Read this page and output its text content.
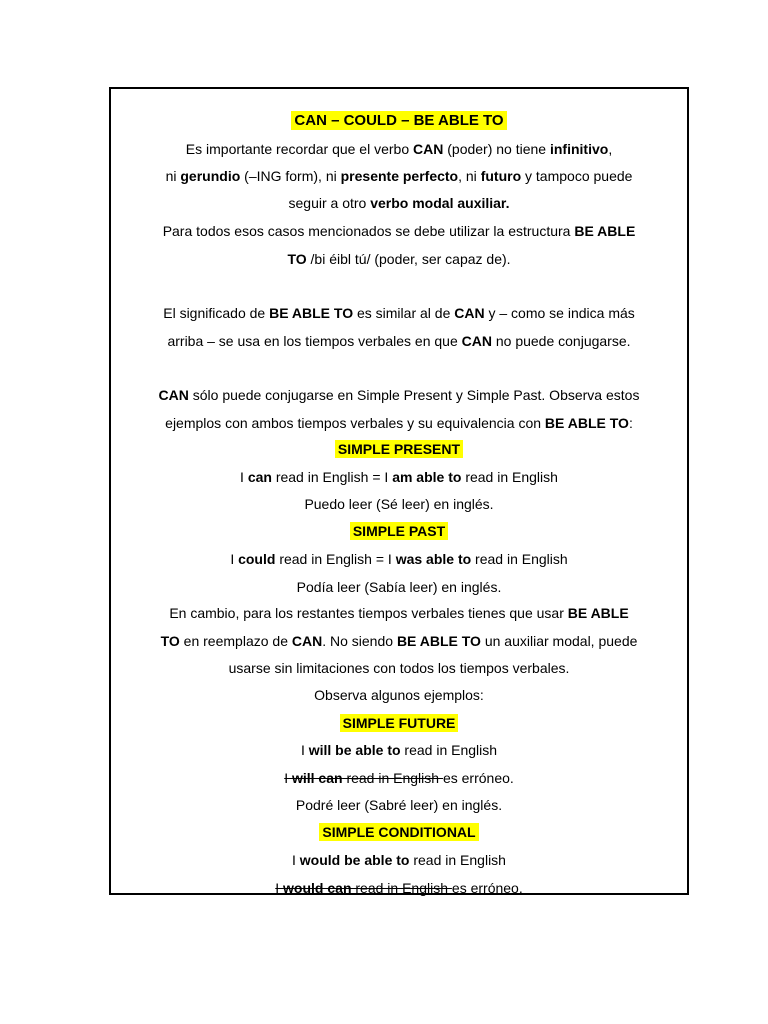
CAN – COULD – BE ABLE TO
Es importante recordar que el verbo CAN (poder) no tiene infinitivo,
ni gerundio (–ING form), ni presente perfecto, ni futuro y tampoco puede
seguir a otro verbo modal auxiliar.
Para todos esos casos mencionados se debe utilizar la estructura BE ABLE
TO /bi éibl tú/ (poder, ser capaz de).
El significado de BE ABLE TO es similar al de CAN y – como se indica más
arriba – se usa en los tiempos verbales en que CAN no puede conjugarse.
CAN sólo puede conjugarse en Simple Present y Simple Past. Observa estos
ejemplos con ambos tiempos verbales y su equivalencia con BE ABLE TO:
SIMPLE PRESENT
I can read in English = I am able to read in English
Puedo leer (Sé leer) en inglés.
SIMPLE PAST
I could read in English = I was able to read in English
Podía leer (Sabía leer) en inglés.
En cambio, para los restantes tiempos verbales tienes que usar BE ABLE
TO en reemplazo de CAN. No siendo BE ABLE TO un auxiliar modal, puede
usarse sin limitaciones con todos los tiempos verbales.
Observa algunos ejemplos:
SIMPLE FUTURE
I will be able to read in English
I will can read in English es erróneo.
Podré leer (Sabré leer) en inglés.
SIMPLE CONDITIONAL
I would be able to read in English
I would can read in English es erróneo.
